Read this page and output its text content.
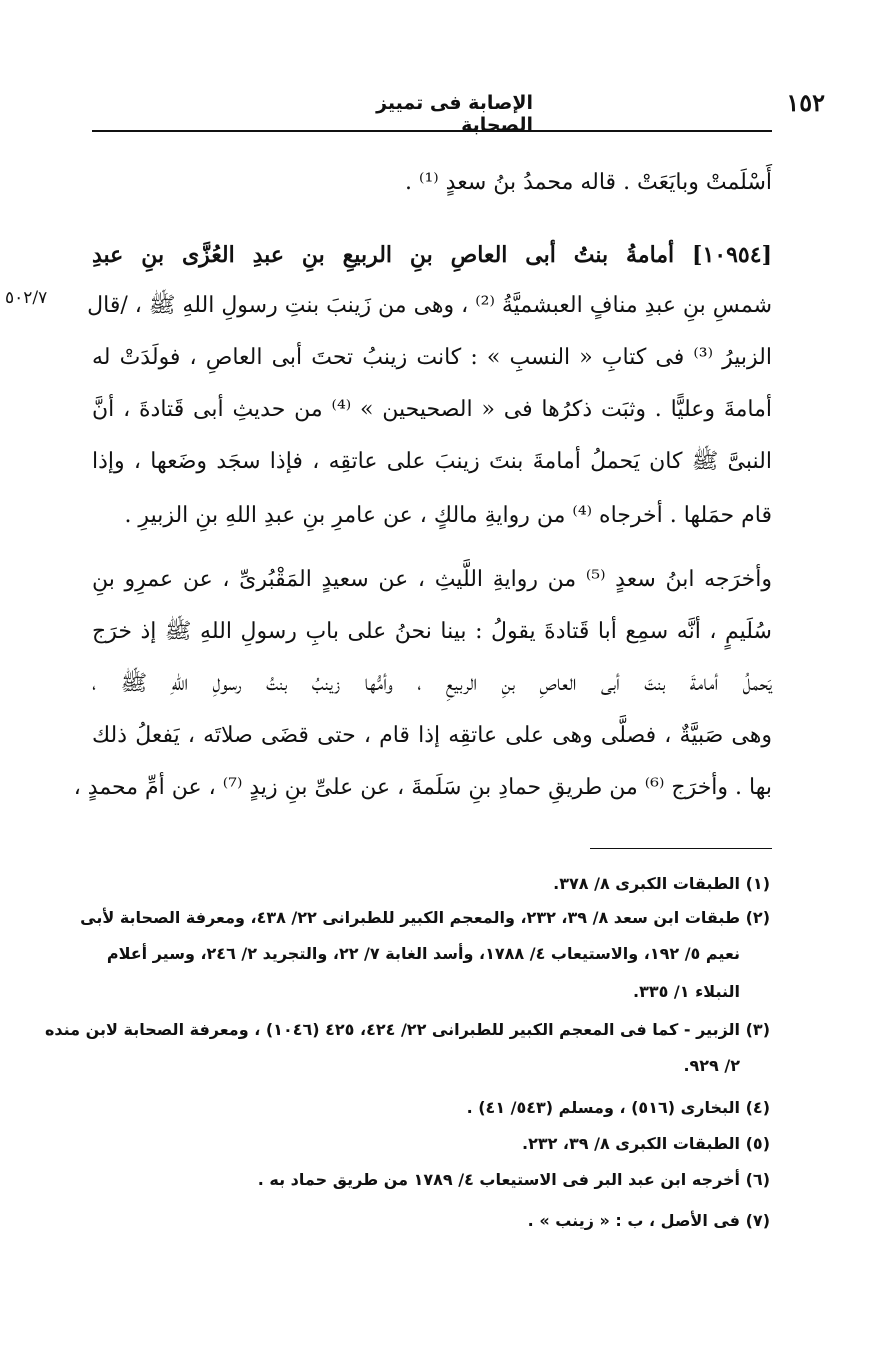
الإصابة فى تمييز الصحابة
١٥٢
٥٠٢/٧
أَسْلَمتْ وبايَعَتْ . قاله محمدُ بنُ سعدٍ ⁽¹⁾ .
[١٠٩٥٤] أمامةُ بنتُ أبى العاصِ بنِ الربيعِ بنِ عبدِ العُزَّى بنِ عبدِ
شمسِ بنِ عبدِ منافٍ العبشميَّةُ ⁽²⁾ ، وهى من زَينبَ بنتِ رسولِ اللهِ ﷺ ، /قال
الزبيرُ ⁽³⁾ فى كتابِ « النسبِ » : كانت زينبُ تحتَ أبى العاصِ ، فولَدَتْ له
أمامةَ وعليًّا . وثبَت ذكرُها فى « الصحيحين » ⁽⁴⁾ من حديثِ أبى قَتادةَ ، أنَّ
النبىَّ ﷺ كان يَحملُ أمامةَ بنتَ زينبَ على عاتقِه ، فإذا سجَد وضَعها ، وإذا
قام حمَلها . أخرجاه ⁽⁴⁾ من روايةِ مالكٍ ، عن عامرِ بنِ عبدِ اللهِ بنِ الزبيرِ .
وأخرَجه ابنُ سعدٍ ⁽⁵⁾ من روايةِ اللَّيثِ ، عن سعيدٍ المَقْبُرىِّ ، عن عمرِو بنِ
سُلَيمٍ ، أنَّه سمِع أبا قَتادةَ يقولُ : بينا نحنُ على بابِ رسولِ اللهِ ﷺ إذ خرَج
يَحملُ أمامةَ بنتَ أبى العاصِ بنِ الربيعِ ، وأمُّها زينبُ بنتُ رسولِ اللهِ ﷺ ،
وهى صَبيَّةٌ ، فصلَّى وهى على عاتقِه إذا قام ، حتى قضَى صلاتَه ، يَفعلُ ذلك
بها . وأخرَج ⁽⁶⁾ من طريقِ حمادِ بنِ سَلَمةَ ، عن علىِّ بنِ زيدٍ ⁽⁷⁾ ، عن أمِّ محمدٍ ،
(١) الطبقات الكبرى ٨/ ٣٧٨.
(٢) طبقات ابن سعد ٨/ ٣٩، ٢٣٢، والمعجم الكبير للطبرانى ٢٢/ ٤٣٨، ومعرفة الصحابة لأبى
نعيم ٥/ ١٩٢، والاستيعاب ٤/ ١٧٨٨، وأسد الغابة ٧/ ٢٢، والتجريد ٢/ ٢٤٦، وسير أعلام
النبلاء ١/ ٣٣٥.
(٣) الزبير - كما فى المعجم الكبير للطبرانى ٢٢/ ٤٢٤، ٤٢٥ (١٠٤٦) ، ومعرفة الصحابة لابن منده
٢/ ٩٢٩.
(٤) البخارى (٥١٦) ، ومسلم (٥٤٣/ ٤١) .
(٥) الطبقات الكبرى ٨/ ٣٩، ٢٣٢.
(٦) أخرجه ابن عبد البر فى الاستيعاب ٤/ ١٧٨٩ من طريق حماد به .
(٧) فى الأصل ، ب : « زينب » .
